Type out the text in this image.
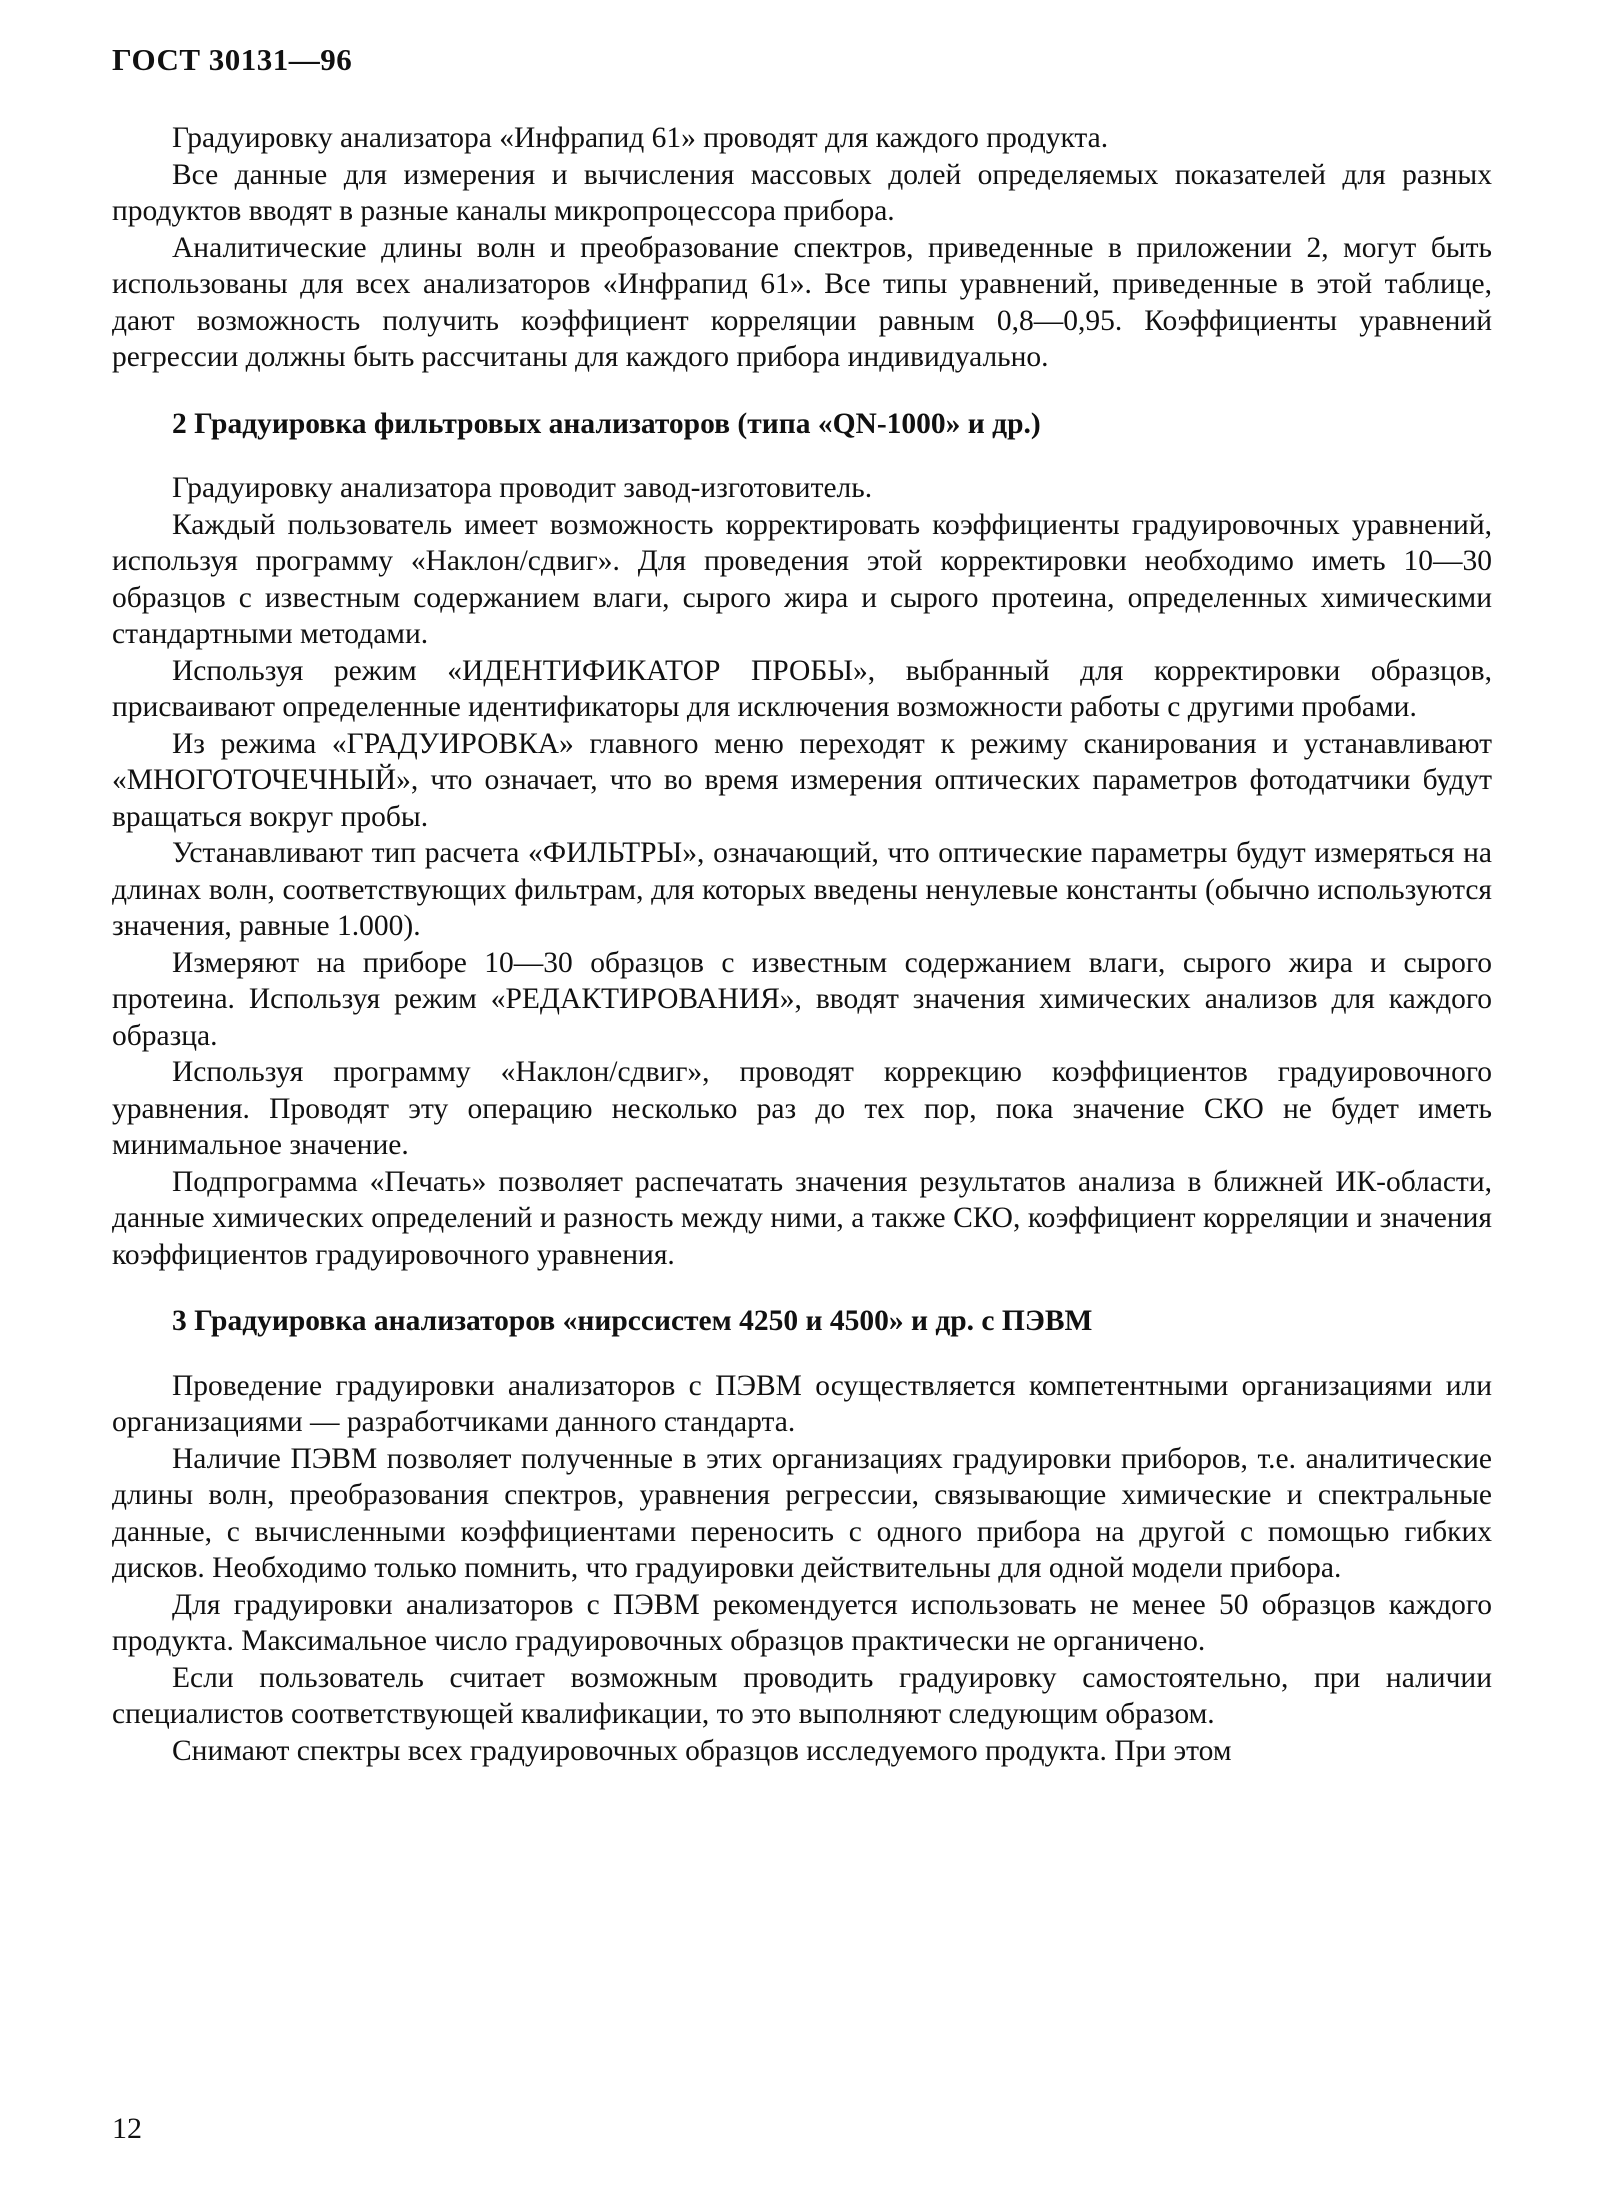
ГОСТ 30131—96

Градуировку анализатора «Инфрапид 61» проводят для каждого продукта.

Все данные для измерения и вычисления массовых долей определяемых показателей для разных продуктов вводят в разные каналы микропроцессора прибора.

Аналитические длины волн и преобразование спектров, приведенные в приложении 2, могут быть использованы для всех анализаторов «Инфрапид 61». Все типы уравнений, приведенные в этой таблице, дают возможность получить коэффициент корреляции равным 0,8—0,95. Коэффициенты уравнений регрессии должны быть рассчитаны для каждого прибора индивидуально.

2 Градуировка фильтровых анализаторов (типа «QN-1000» и др.)

Градуировку анализатора проводит завод-изготовитель.

Каждый пользователь имеет возможность корректировать коэффициенты градуировочных уравнений, используя программу «Наклон/сдвиг». Для проведения этой корректировки необходимо иметь 10—30 образцов с известным содержанием влаги, сырого жира и сырого протеина, определенных химическими стандартными методами.

Используя режим «ИДЕНТИФИКАТОР ПРОБЫ», выбранный для корректировки образцов, присваивают определенные идентификаторы для исключения возможности работы с другими пробами.

Из режима «ГРАДУИРОВКА» главного меню переходят к режиму сканирования и устанавливают «МНОГОТОЧЕЧНЫЙ», что означает, что во время измерения оптических параметров фотодатчики будут вращаться вокруг пробы.

Устанавливают тип расчета «ФИЛЬТРЫ», означающий, что оптические параметры будут измеряться на длинах волн, соответствующих фильтрам, для которых введены ненулевые константы (обычно используются значения, равные 1.000).

Измеряют на приборе 10—30 образцов с известным содержанием влаги, сырого жира и сырого протеина. Используя режим «РЕДАКТИРОВАНИЯ», вводят значения химических анализов для каждого образца.

Используя программу «Наклон/сдвиг», проводят коррекцию коэффициентов градуировочного уравнения. Проводят эту операцию несколько раз до тех пор, пока значение СКО не будет иметь минимальное значение.

Подпрограмма «Печать» позволяет распечатать значения результатов анализа в ближней ИК-области, данные химических определений и разность между ними, а также СКО, коэффициент корреляции и значения коэффициентов градуировочного уравнения.

3 Градуировка анализаторов «нирссистем 4250 и 4500» и др. с ПЭВМ

Проведение градуировки анализаторов с ПЭВМ осуществляется компетентными организациями или организациями — разработчиками данного стандарта.

Наличие ПЭВМ позволяет полученные в этих организациях градуировки приборов, т.е. аналитические длины волн, преобразования спектров, уравнения регрессии, связывающие химические и спектральные данные, с вычисленными коэффициентами переносить с одного прибора на другой с помощью гибких дисков. Необходимо только помнить, что градуировки действительны для одной модели прибора.

Для градуировки анализаторов с ПЭВМ рекомендуется использовать не менее 50 образцов каждого продукта. Максимальное число градуировочных образцов практически не органичено.

Если пользователь считает возможным проводить градуировку самостоятельно, при наличии специалистов соответствующей квалификации, то это выполняют следующим образом.

Снимают спектры всех градуировочных образцов исследуемого продукта. При этом

12
